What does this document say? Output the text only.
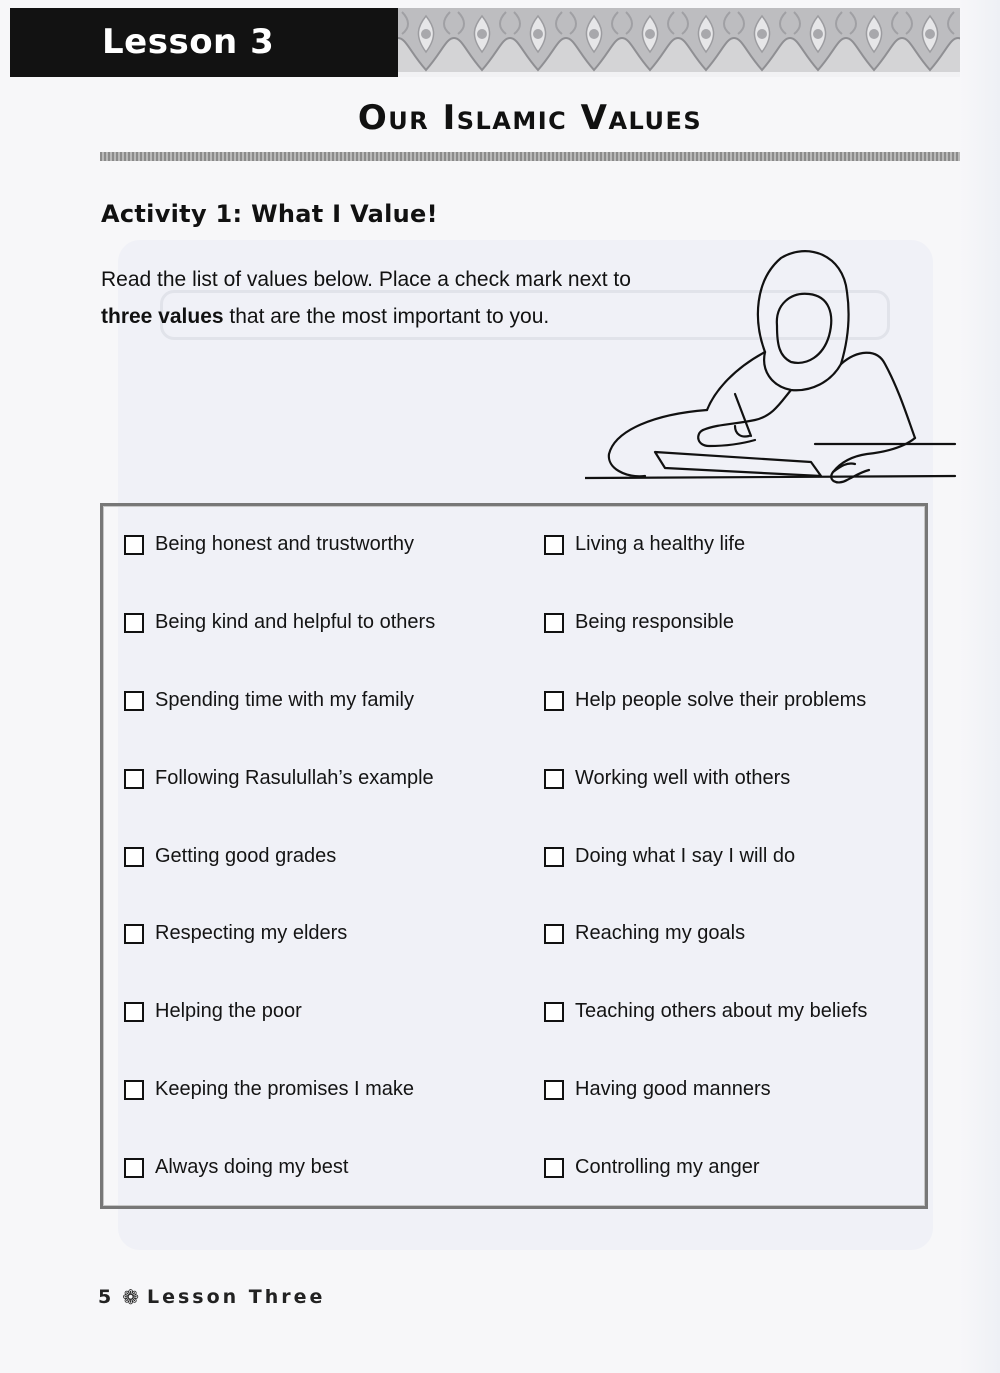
Lesson 3
Our Islamic Values
Activity 1: What I Value!
Read the list of values below. Place a check mark next to
three values that are the most important to you.
Being honest and trustworthy
Being kind and helpful to others
Spending time with my family
Following Rasulullah’s example
Getting good grades
Respecting my elders
Helping the poor
Keeping the promises I make
Always doing my best
Living a healthy life
Being responsible
Help people solve their problems
Working well with others
Doing what I say I will do
Reaching my goals
Teaching others about my beliefs
Having good manners
Controlling my anger
5 ❁ Lesson Three
